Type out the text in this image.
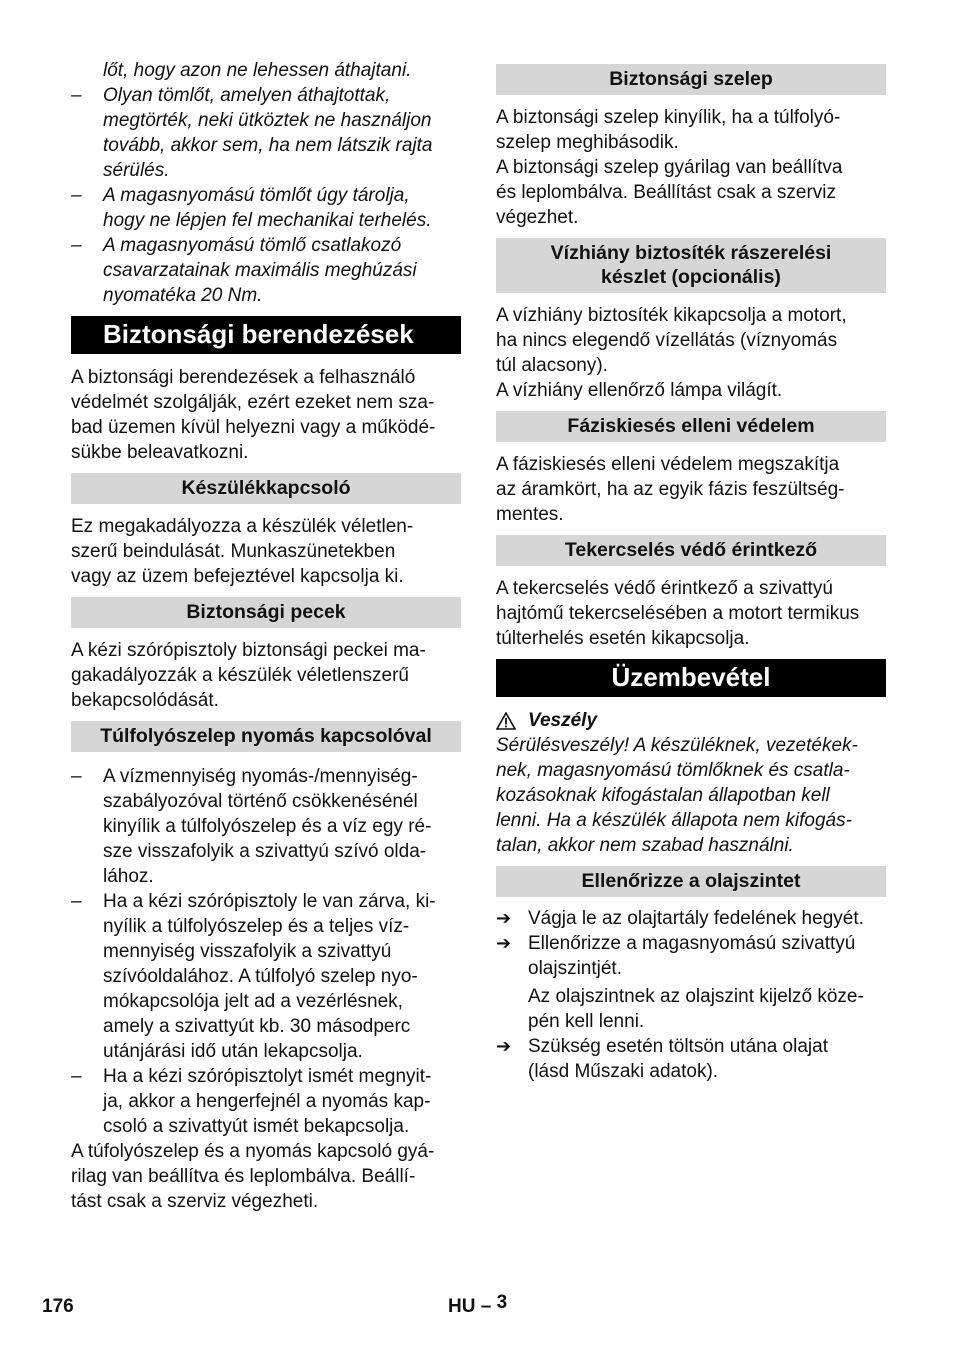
lőt, hogy azon ne lehessen áthajtani.

–	Olyan tömlőt, amelyen áthajtottak,
megtörték, neki ütköztek ne használjon
tovább, akkor sem, ha nem látszik rajta
sérülés.
–	A magasnyomású tömlőt úgy tárolja,
hogy ne lépjen fel mechanikai terhelés.
–	A magasnyomású tömlő csatlakozó
csavarzatainak maximális meghúzási
nyomatéka 20 Nm.
Biztonsági berendezések

A biztonsági berendezések a felhasználó
védelmét szolgálják, ezért ezeket nem sza-
bad üzemen kívül helyezni vagy a működé-
sükbe beleavatkozni.

Készülékkapcsoló

Ez megakadályozza a készülék véletlen-
szerű beindulását. Munkaszünetekben
vagy az üzem befejeztével kapcsolja ki.

Biztonsági pecek

A kézi szórópisztoly biztonsági peckei ma-
gakadályozzák a készülék véletlenszerű
bekapcsolódását.

Túlfolyószelep nyomás kapcsolóval
–	A vízmennyiség nyomás-/mennyiség-
szabályozóval történő csökkenésénél
kinyílik a túlfolyószelep és a víz egy ré-
sze visszafolyik a szivattyú szívó olda-
lához.
–	Ha a kézi szórópisztoly le van zárva, ki-
nyílik a túlfolyószelep és a teljes víz-
mennyiség visszafolyik a szivattyú
szívóoldalához. A túlfolyó szelep nyo-
mókapcsolója jelt ad a vezérlésnek,
amely a szivattyút kb. 30 másodperc
utánjárási idő után lekapcsolja.
–	Ha a kézi szórópisztolyt ismét megnyit-
ja, akkor a hengerfejnél a nyomás kap-
csoló a szivattyút ismét bekapcsolja.

A túfolyószelep és a nyomás kapcsoló gyá-
rilag van beállítva és leplombálva. Beállí-
tást csak a szerviz végezheti.

Biztonsági szelep

A biztonsági szelep kinyílik, ha a túlfolyó-
szelep meghibásodik.
A biztonsági szelep gyárilag van beállítva
és leplombálva. Beállítást csak a szerviz
végezhet.

Vízhiány biztosíték rászerelési
készlet (opcionális)

A vízhiány biztosíték kikapcsolja a motort,
ha nincs elegendő vízellátás (víznyomás
túl alacsony).
A vízhiány ellenőrző lámpa világít.

Fáziskiesés elleni védelem

A fáziskiesés elleni védelem megszakítja
az áramkört, ha az egyik fázis feszültség-
mentes.

Tekercselés védő érintkező

A tekercselés védő érintkező a szivattyú
hajtómű tekercselésében a motort termikus
túlterhelés esetén kikapcsolja.

Üzembevétel
Veszély

Sérülésveszély! A készüléknek, vezetékek-
nek, magasnyomású tömlőknek és csatla-
kozásoknak kifogástalan állapotban kell
lenni. Ha a készülék állapota nem kifogás-
talan, akkor nem szabad használni.

Ellenőrizze a olajszintet
➔ Vágja le az olajtartály fedelének hegyét.
➔ Ellenőrizze a magasnyomású szivattyú
olajszintjét.

Az olajszintnek az olajszint kijelző köze-
pén kell lenni.

➔ Szükség esetén töltsön utána olajat
(lásd Műszaki adatok).
176	HU – 3
